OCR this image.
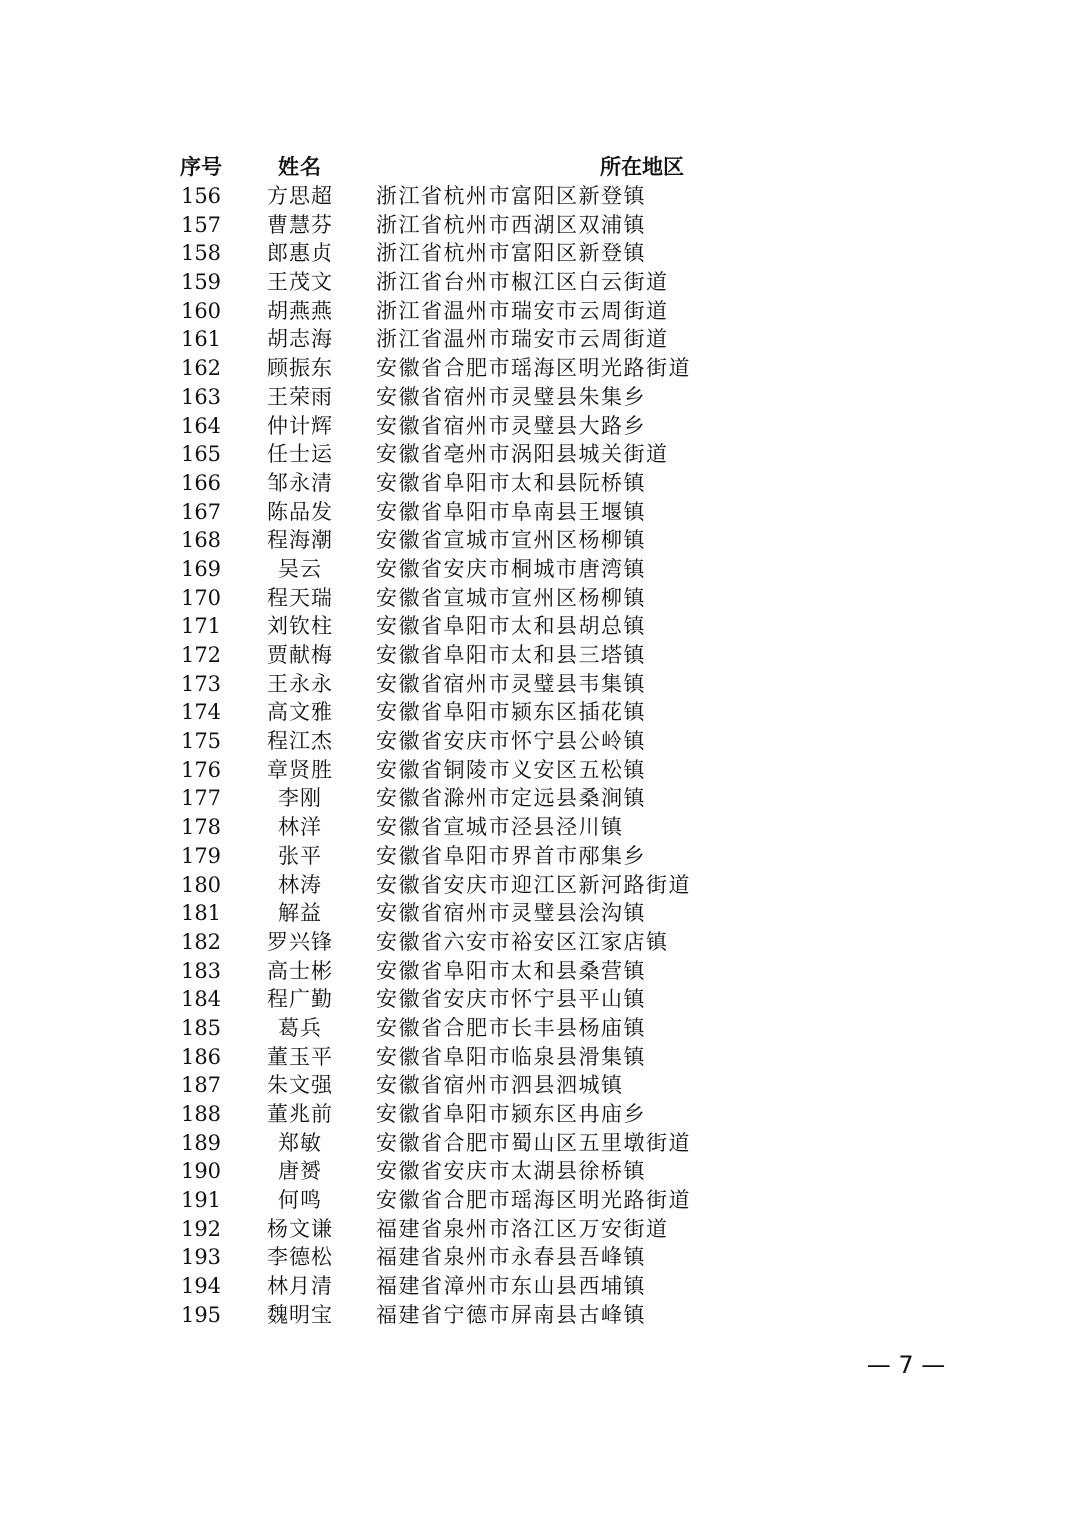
序号	姓名	所在地区
156	方思超	浙江省杭州市富阳区新登镇
157	曹慧芬	浙江省杭州市西湖区双浦镇
158	郎惠贞	浙江省杭州市富阳区新登镇
159	王茂文	浙江省台州市椒江区白云街道
160	胡燕燕	浙江省温州市瑞安市云周街道
161	胡志海	浙江省温州市瑞安市云周街道
162	顾振东	安徽省合肥市瑶海区明光路街道
163	王荣雨	安徽省宿州市灵璧县朱集乡
164	仲计辉	安徽省宿州市灵璧县大路乡
165	任士运	安徽省亳州市涡阳县城关街道
166	邹永清	安徽省阜阳市太和县阮桥镇
167	陈品发	安徽省阜阳市阜南县王堰镇
168	程海潮	安徽省宣城市宣州区杨柳镇
169	吴云	安徽省安庆市桐城市唐湾镇
170	程天瑞	安徽省宣城市宣州区杨柳镇
171	刘钦柱	安徽省阜阳市太和县胡总镇
172	贾献梅	安徽省阜阳市太和县三塔镇
173	王永永	安徽省宿州市灵璧县韦集镇
174	高文雅	安徽省阜阳市颍东区插花镇
175	程江杰	安徽省安庆市怀宁县公岭镇
176	章贤胜	安徽省铜陵市义安区五松镇
177	李刚	安徽省滁州市定远县桑涧镇
178	林洋	安徽省宣城市泾县泾川镇
179	张平	安徽省阜阳市界首市邴集乡
180	林涛	安徽省安庆市迎江区新河路街道
181	解益	安徽省宿州市灵璧县浍沟镇
182	罗兴锋	安徽省六安市裕安区江家店镇
183	高士彬	安徽省阜阳市太和县桑营镇
184	程广勤	安徽省安庆市怀宁县平山镇
185	葛兵	安徽省合肥市长丰县杨庙镇
186	董玉平	安徽省阜阳市临泉县滑集镇
187	朱文强	安徽省宿州市泗县泗城镇
188	董兆前	安徽省阜阳市颍东区冉庙乡
189	郑敏	安徽省合肥市蜀山区五里墩街道
190	唐赟	安徽省安庆市太湖县徐桥镇
191	何鸣	安徽省合肥市瑶海区明光路街道
192	杨文谦	福建省泉州市洛江区万安街道
193	李德松	福建省泉州市永春县吾峰镇
194	林月清	福建省漳州市东山县西埔镇
195	魏明宝	福建省宁德市屏南县古峰镇
— 7 —
